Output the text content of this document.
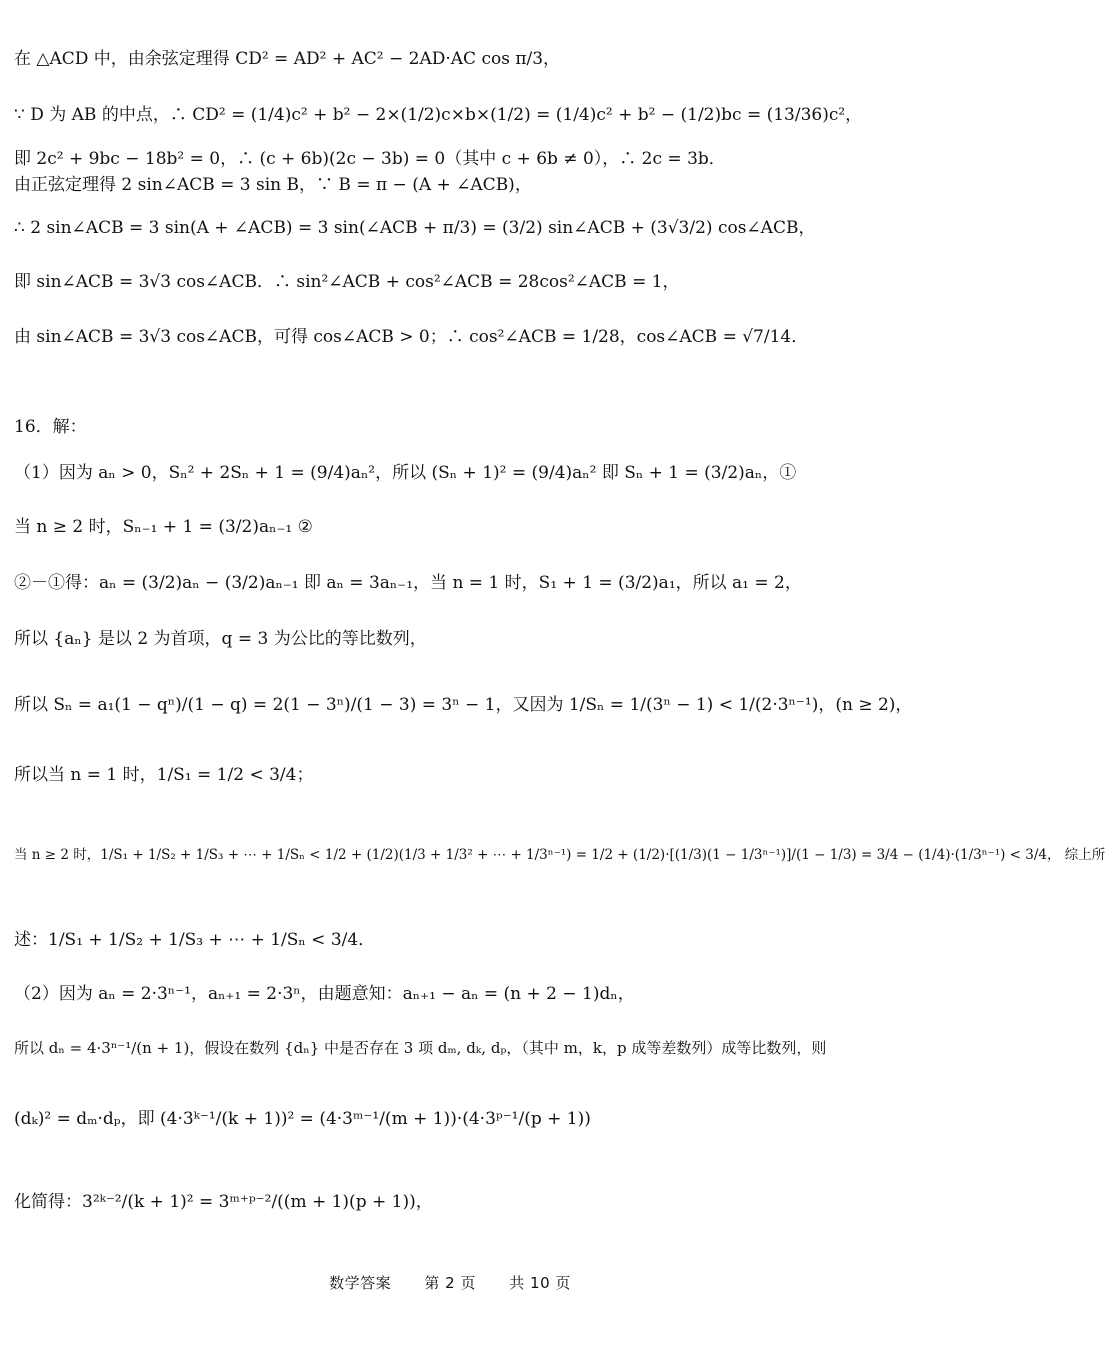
在 △ACD 中，由余弦定理得 CD² = AD² + AC² − 2AD·AC cos π/3，
∵ D 为 AB 的中点，∴ CD² = (1/4)c² + b² − 2×(1/2)c×b×(1/2) = (1/4)c² + b² − (1/2)bc = (13/36)c²，
即 2c² + 9bc − 18b² = 0，∴ (c + 6b)(2c − 3b) = 0（其中 c + 6b ≠ 0），∴ 2c = 3b．
由正弦定理得 2 sin∠ACB = 3 sin B，∵ B = π − (A + ∠ACB)，
∴ 2 sin∠ACB = 3 sin(A + ∠ACB) = 3 sin(∠ACB + π/3) = (3/2) sin∠ACB + (3√3/2) cos∠ACB，
即 sin∠ACB = 3√3 cos∠ACB．∴ sin²∠ACB + cos²∠ACB = 28cos²∠ACB = 1，
由 sin∠ACB = 3√3 cos∠ACB，可得 cos∠ACB > 0；∴ cos²∠ACB = 1/28，cos∠ACB = √7/14．
16．解：
（1）因为 aₙ > 0，Sₙ² + 2Sₙ + 1 = (9/4)aₙ²，所以 (Sₙ + 1)² = (9/4)aₙ² 即 Sₙ + 1 = (3/2)aₙ，①
当 n ≥ 2 时，Sₙ₋₁ + 1 = (3/2)aₙ₋₁ ②
②－①得：aₙ = (3/2)aₙ − (3/2)aₙ₋₁ 即 aₙ = 3aₙ₋₁，当 n = 1 时，S₁ + 1 = (3/2)a₁，所以 a₁ = 2，
所以 {aₙ} 是以 2 为首项，q = 3 为公比的等比数列，
所以 Sₙ = a₁(1 − qⁿ)/(1 − q) = 2(1 − 3ⁿ)/(1 − 3) = 3ⁿ − 1，又因为 1/Sₙ = 1/(3ⁿ − 1) < 1/(2·3ⁿ⁻¹)，(n ≥ 2)，
所以当 n = 1 时，1/S₁ = 1/2 < 3/4；
当 n ≥ 2 时，1/S₁ + 1/S₂ + 1/S₃ + ⋯ + 1/Sₙ < 1/2 + (1/2)(1/3 + 1/3² + ⋯ + 1/3ⁿ⁻¹) = 1/2 + (1/2)·[(1/3)(1 − 1/3ⁿ⁻¹)]/(1 − 1/3) = 3/4 − (1/4)·(1/3ⁿ⁻¹) < 3/4， 综上所
述：1/S₁ + 1/S₂ + 1/S₃ + ⋯ + 1/Sₙ < 3/4．
（2）因为 aₙ = 2·3ⁿ⁻¹，aₙ₊₁ = 2·3ⁿ，由题意知：aₙ₊₁ − aₙ = (n + 2 − 1)dₙ，
所以 dₙ = 4·3ⁿ⁻¹/(n + 1)，假设在数列 {dₙ} 中是否存在 3 项 dₘ, dₖ, dₚ，（其中 m，k，p 成等差数列）成等比数列，则
(dₖ)² = dₘ·dₚ，即 (4·3ᵏ⁻¹/(k + 1))² = (4·3ᵐ⁻¹/(m + 1))·(4·3ᵖ⁻¹/(p + 1))
化简得：3²ᵏ⁻²/(k + 1)² = 3ᵐ⁺ᵖ⁻²/((m + 1)(p + 1))，
数学答案 第 2 页 共 10 页
